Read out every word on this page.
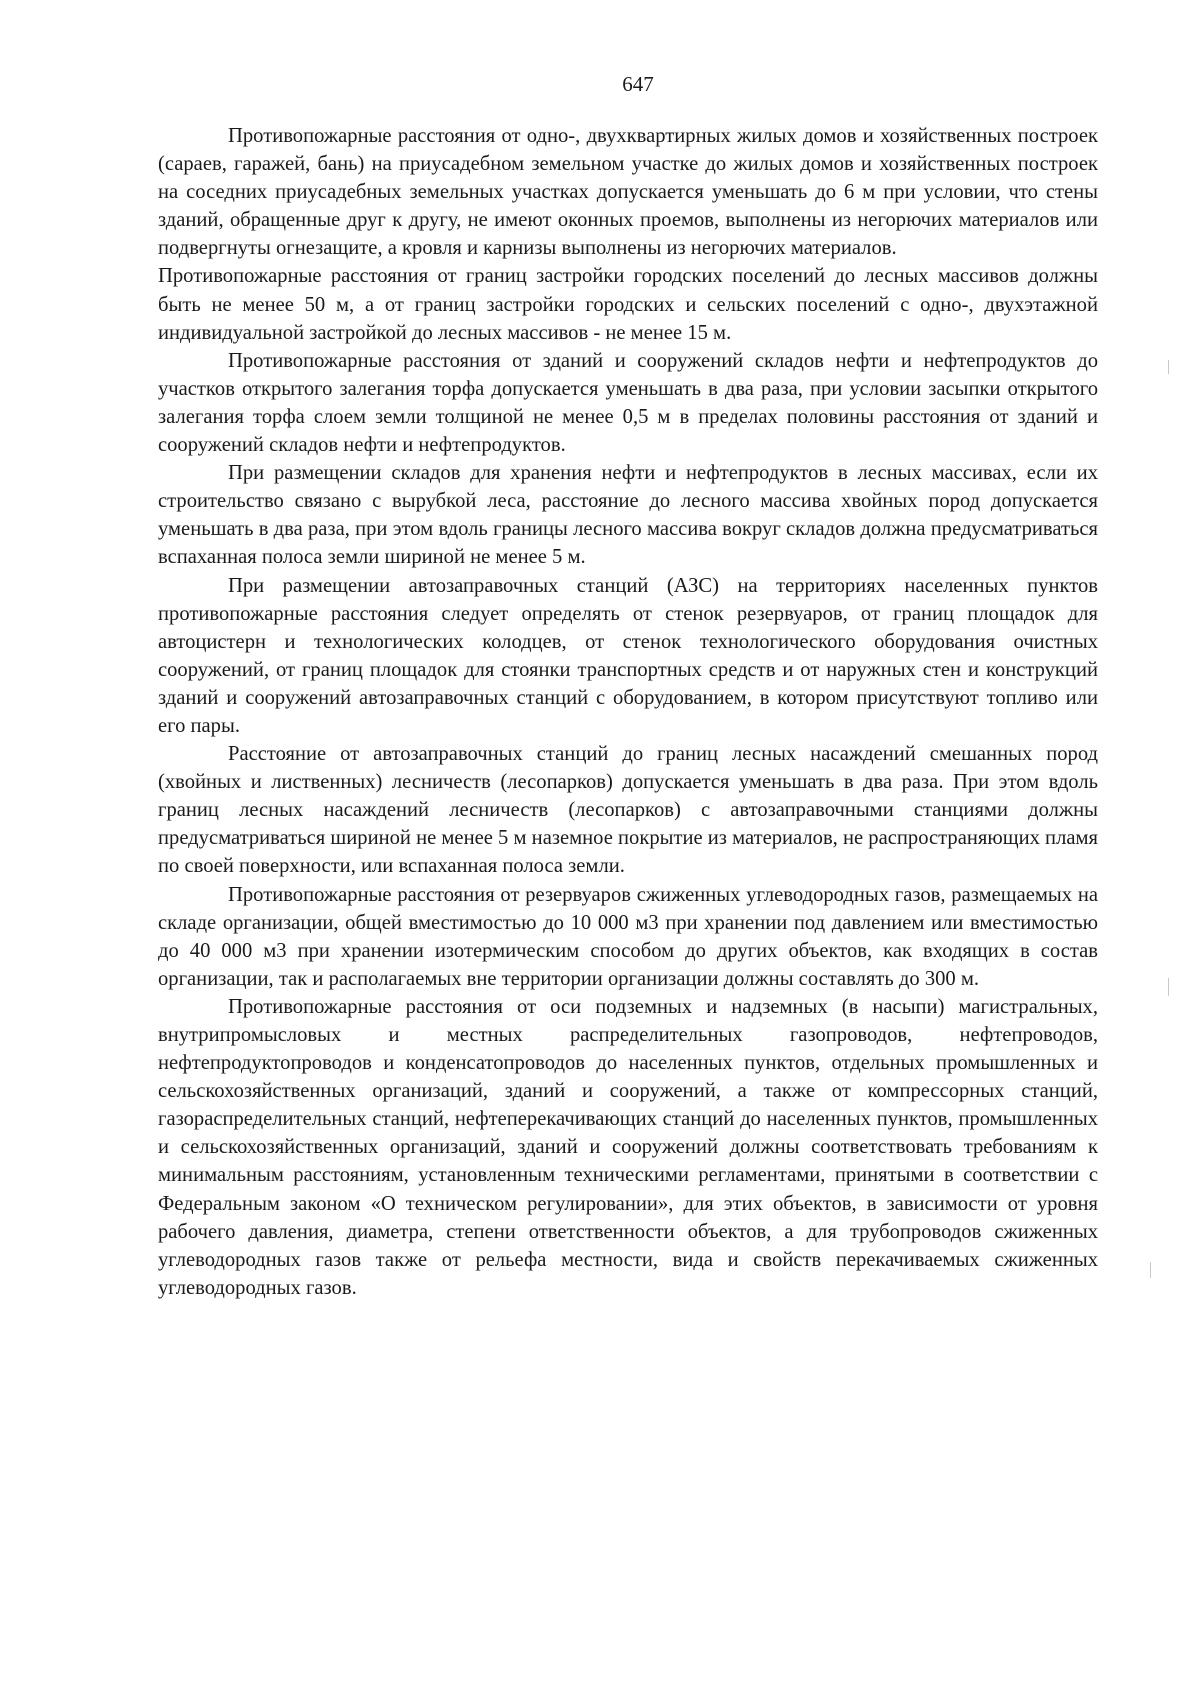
647

Противопожарные расстояния от одно-, двухквартирных жилых домов и хозяйственных построек (сараев, гаражей, бань) на приусадебном земельном участке до жилых домов и хозяйственных построек на соседних приусадебных земельных участках допускается уменьшать до 6 м при условии, что стены зданий, обращенные друг к другу, не имеют оконных проемов, выполнены из негорючих материалов или подвергнуты огнезащите, а кровля и карнизы выполнены из негорючих материалов.

Противопожарные расстояния от границ застройки городских поселений до лесных массивов должны быть не менее 50 м, а от границ застройки городских и сельских поселений с одно-, двухэтажной индивидуальной застройкой до лесных массивов - не менее 15 м.

Противопожарные расстояния от зданий и сооружений складов нефти и нефтепродуктов до участков открытого залегания торфа допускается уменьшать в два раза, при условии засыпки открытого залегания торфа слоем земли толщиной не менее 0,5 м в пределах половины расстояния от зданий и сооружений складов нефти и нефтепродуктов.

При размещении складов для хранения нефти и нефтепродуктов в лесных массивах, если их строительство связано с вырубкой леса, расстояние до лесного массива хвойных пород допускается уменьшать в два раза, при этом вдоль границы лесного массива вокруг складов должна предусматриваться вспаханная полоса земли шириной не менее 5 м.

При размещении автозаправочных станций (АЗС) на территориях населенных пунктов противопожарные расстояния следует определять от стенок резервуаров, от границ площадок для автоцистерн и технологических колодцев, от стенок технологического оборудования очистных сооружений, от границ площадок для стоянки транспортных средств и от наружных стен и конструкций зданий и сооружений автозаправочных станций с оборудованием, в котором присутствуют топливо или его пары.

Расстояние от автозаправочных станций до границ лесных насаждений смешанных пород (хвойных и лиственных) лесничеств (лесопарков) допускается уменьшать в два раза. При этом вдоль границ лесных насаждений лесничеств (лесопарков) с автозаправочными станциями должны предусматриваться шириной не менее 5 м наземное покрытие из материалов, не распространяющих пламя по своей поверхности, или вспаханная полоса земли.

Противопожарные расстояния от резервуаров сжиженных углеводородных газов, размещаемых на складе организации, общей вместимостью до 10 000 м3 при хранении под давлением или вместимостью до 40 000 м3 при хранении изотермическим способом до других объектов, как входящих в состав организации, так и располагаемых вне территории организации должны составлять до 300 м.

Противопожарные расстояния от оси подземных и надземных (в насыпи) магистральных, внутрипромысловых и местных распределительных газопроводов, нефтепроводов, нефтепродуктопроводов и конденсатопроводов до населенных пунктов, отдельных промышленных и сельскохозяйственных организаций, зданий и сооружений, а также от компрессорных станций, газораспределительных станций, нефтеперекачивающих станций до населенных пунктов, промышленных и сельскохозяйственных организаций, зданий и сооружений должны соответствовать требованиям к минимальным расстояниям, установленным техническими регламентами, принятыми в соответствии с Федеральным законом «О техническом регулировании», для этих объектов, в зависимости от уровня рабочего давления, диаметра, степени ответственности объектов, а для трубопроводов сжиженных углеводородных газов также от рельефа местности, вида и свойств перекачиваемых сжиженных углеводородных газов.
